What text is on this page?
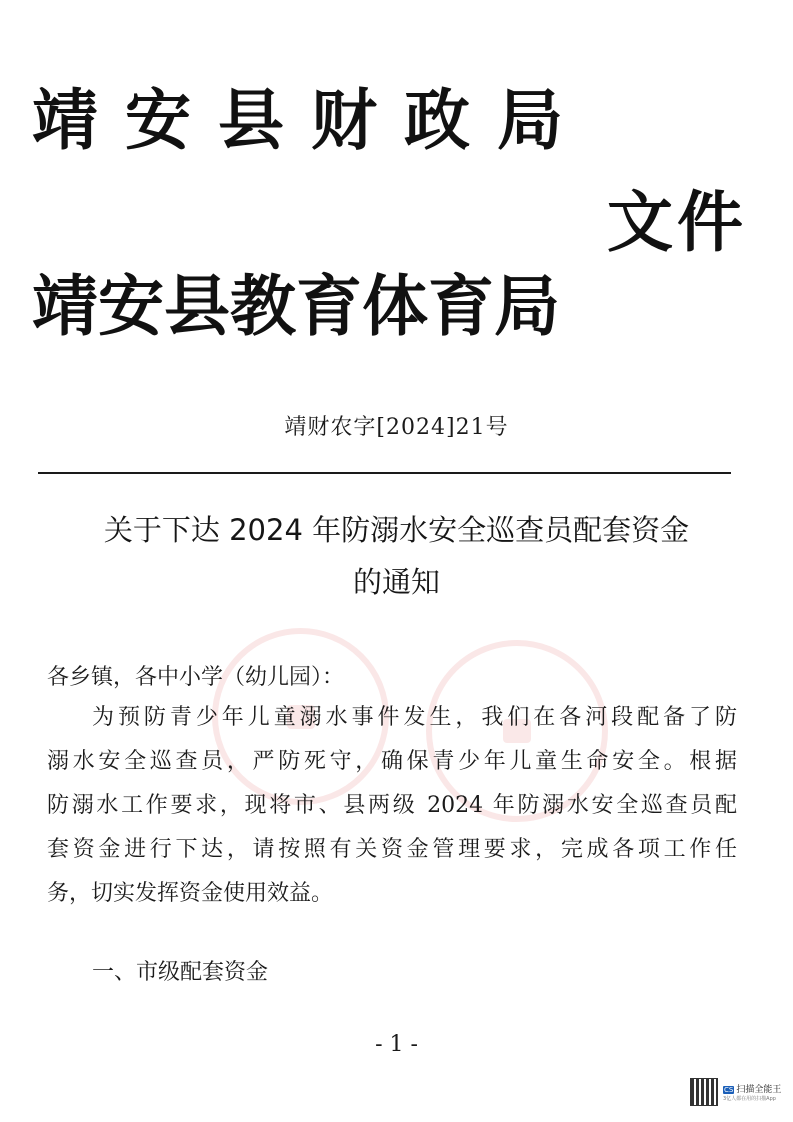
靖安县财政局
文件
靖安县教育体育局
靖财农字[2024]21号
关于下达 2024 年防溺水安全巡查员配套资金
的通知
各乡镇，各中小学（幼儿园）：
为预防青少年儿童溺水事件发生，我们在各河段配备了防
溺水安全巡查员，严防死守，确保青少年儿童生命安全。根据
防溺水工作要求，现将市、县两级 2024 年防溺水安全巡查员配
套资金进行下达，请按照有关资金管理要求，完成各项工作任
务，切实发挥资金使用效益。
一、市级配套资金
- 1 -
CS 扫描全能王
3亿人都在用的扫描App
